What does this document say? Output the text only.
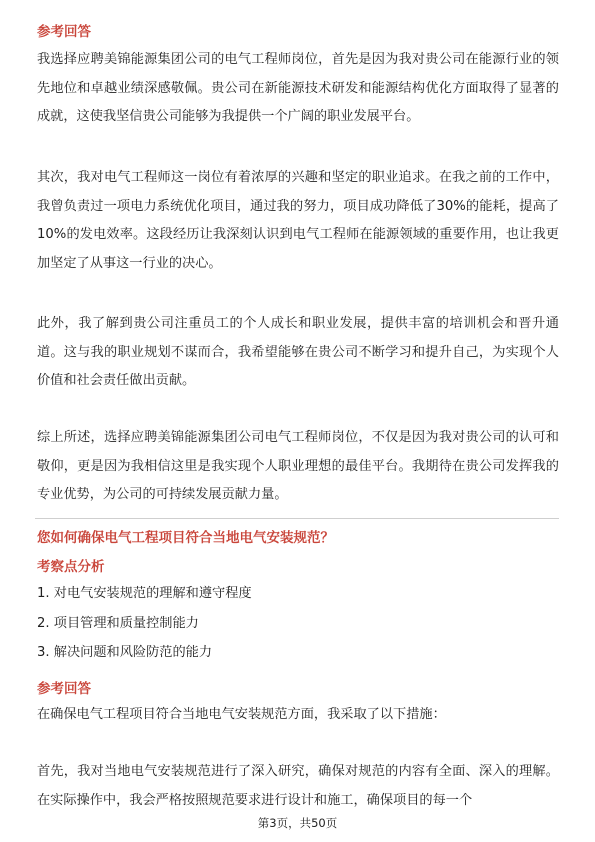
参考回答

我选择应聘美锦能源集团公司的电气工程师岗位，首先是因为我对贵公司在能源行业的领先地位和卓越业绩深感敬佩。贵公司在新能源技术研发和能源结构优化方面取得了显著的成就，这使我坚信贵公司能够为我提供一个广阔的职业发展平台。

其次，我对电气工程师这一岗位有着浓厚的兴趣和坚定的职业追求。在我之前的工作中，我曾负责过一项电力系统优化项目，通过我的努力，项目成功降低了30%的能耗，提高了10%的发电效率。这段经历让我深刻认识到电气工程师在能源领域的重要作用，也让我更加坚定了从事这一行业的决心。

此外，我了解到贵公司注重员工的个人成长和职业发展，提供丰富的培训机会和晋升通道。这与我的职业规划不谋而合，我希望能够在贵公司不断学习和提升自己，为实现个人价值和社会责任做出贡献。

综上所述，选择应聘美锦能源集团公司电气工程师岗位，不仅是因为我对贵公司的认可和敬仰，更是因为我相信这里是我实现个人职业理想的最佳平台。我期待在贵公司发挥我的专业优势，为公司的可持续发展贡献力量。

您如何确保电气工程项目符合当地电气安装规范？
考察点分析

1. 对电气安装规范的理解和遵守程度

2. 项目管理和质量控制能力

3. 解决问题和风险防范的能力

参考回答

在确保电气工程项目符合当地电气安装规范方面，我采取了以下措施：

首先，我对当地电气安装规范进行了深入研究，确保对规范的内容有全面、深入的理解。在实际操作中，我会严格按照规范要求进行设计和施工，确保项目的每一个

第3页，共50页
